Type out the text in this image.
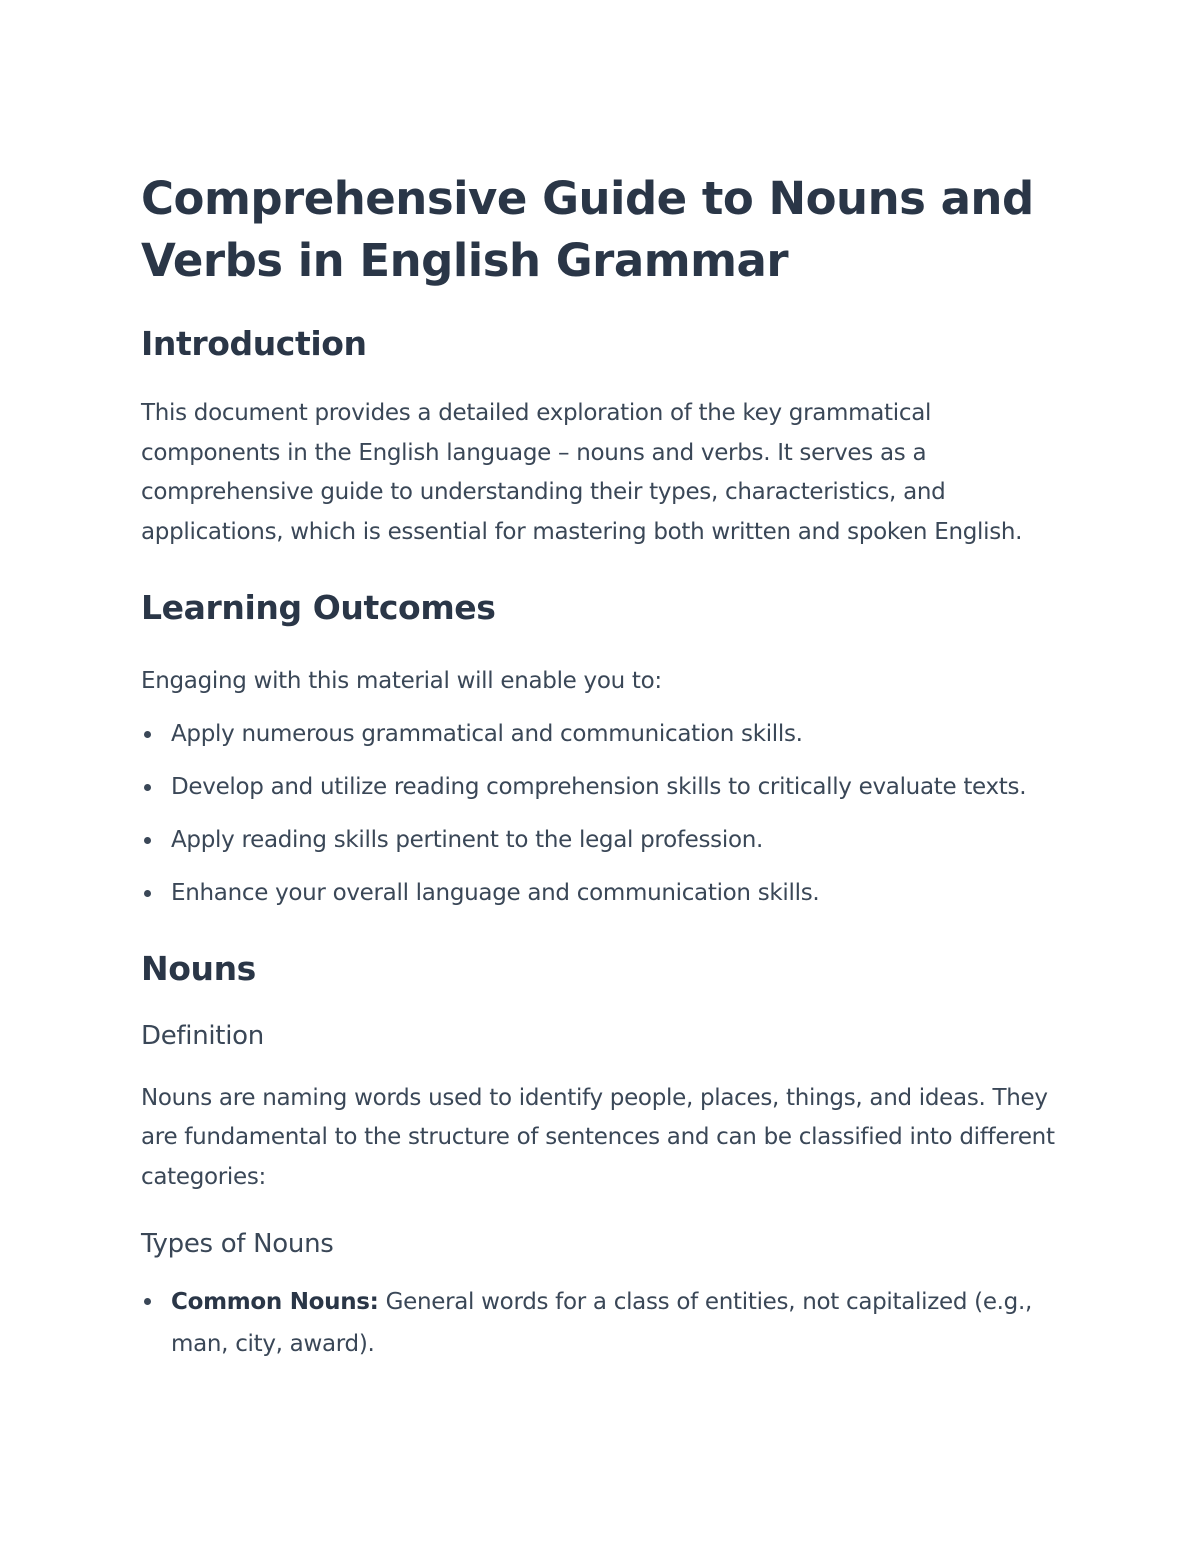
Comprehensive Guide to Nouns and Verbs in English Grammar
Introduction

This document provides a detailed exploration of the key grammatical components in the English language – nouns and verbs. It serves as a comprehensive guide to understanding their types, characteristics, and applications, which is essential for mastering both written and spoken English.

Learning Outcomes

Engaging with this material will enable you to:

Apply numerous grammatical and communication skills.
Develop and utilize reading comprehension skills to critically evaluate texts.
Apply reading skills pertinent to the legal profession.
Enhance your overall language and communication skills.
Nouns
Definition

Nouns are naming words used to identify people, places, things, and ideas. They are fundamental to the structure of sentences and can be classified into different categories:

Types of Nouns
Common Nouns: General words for a class of entities, not capitalized (e.g., man, city, award).
